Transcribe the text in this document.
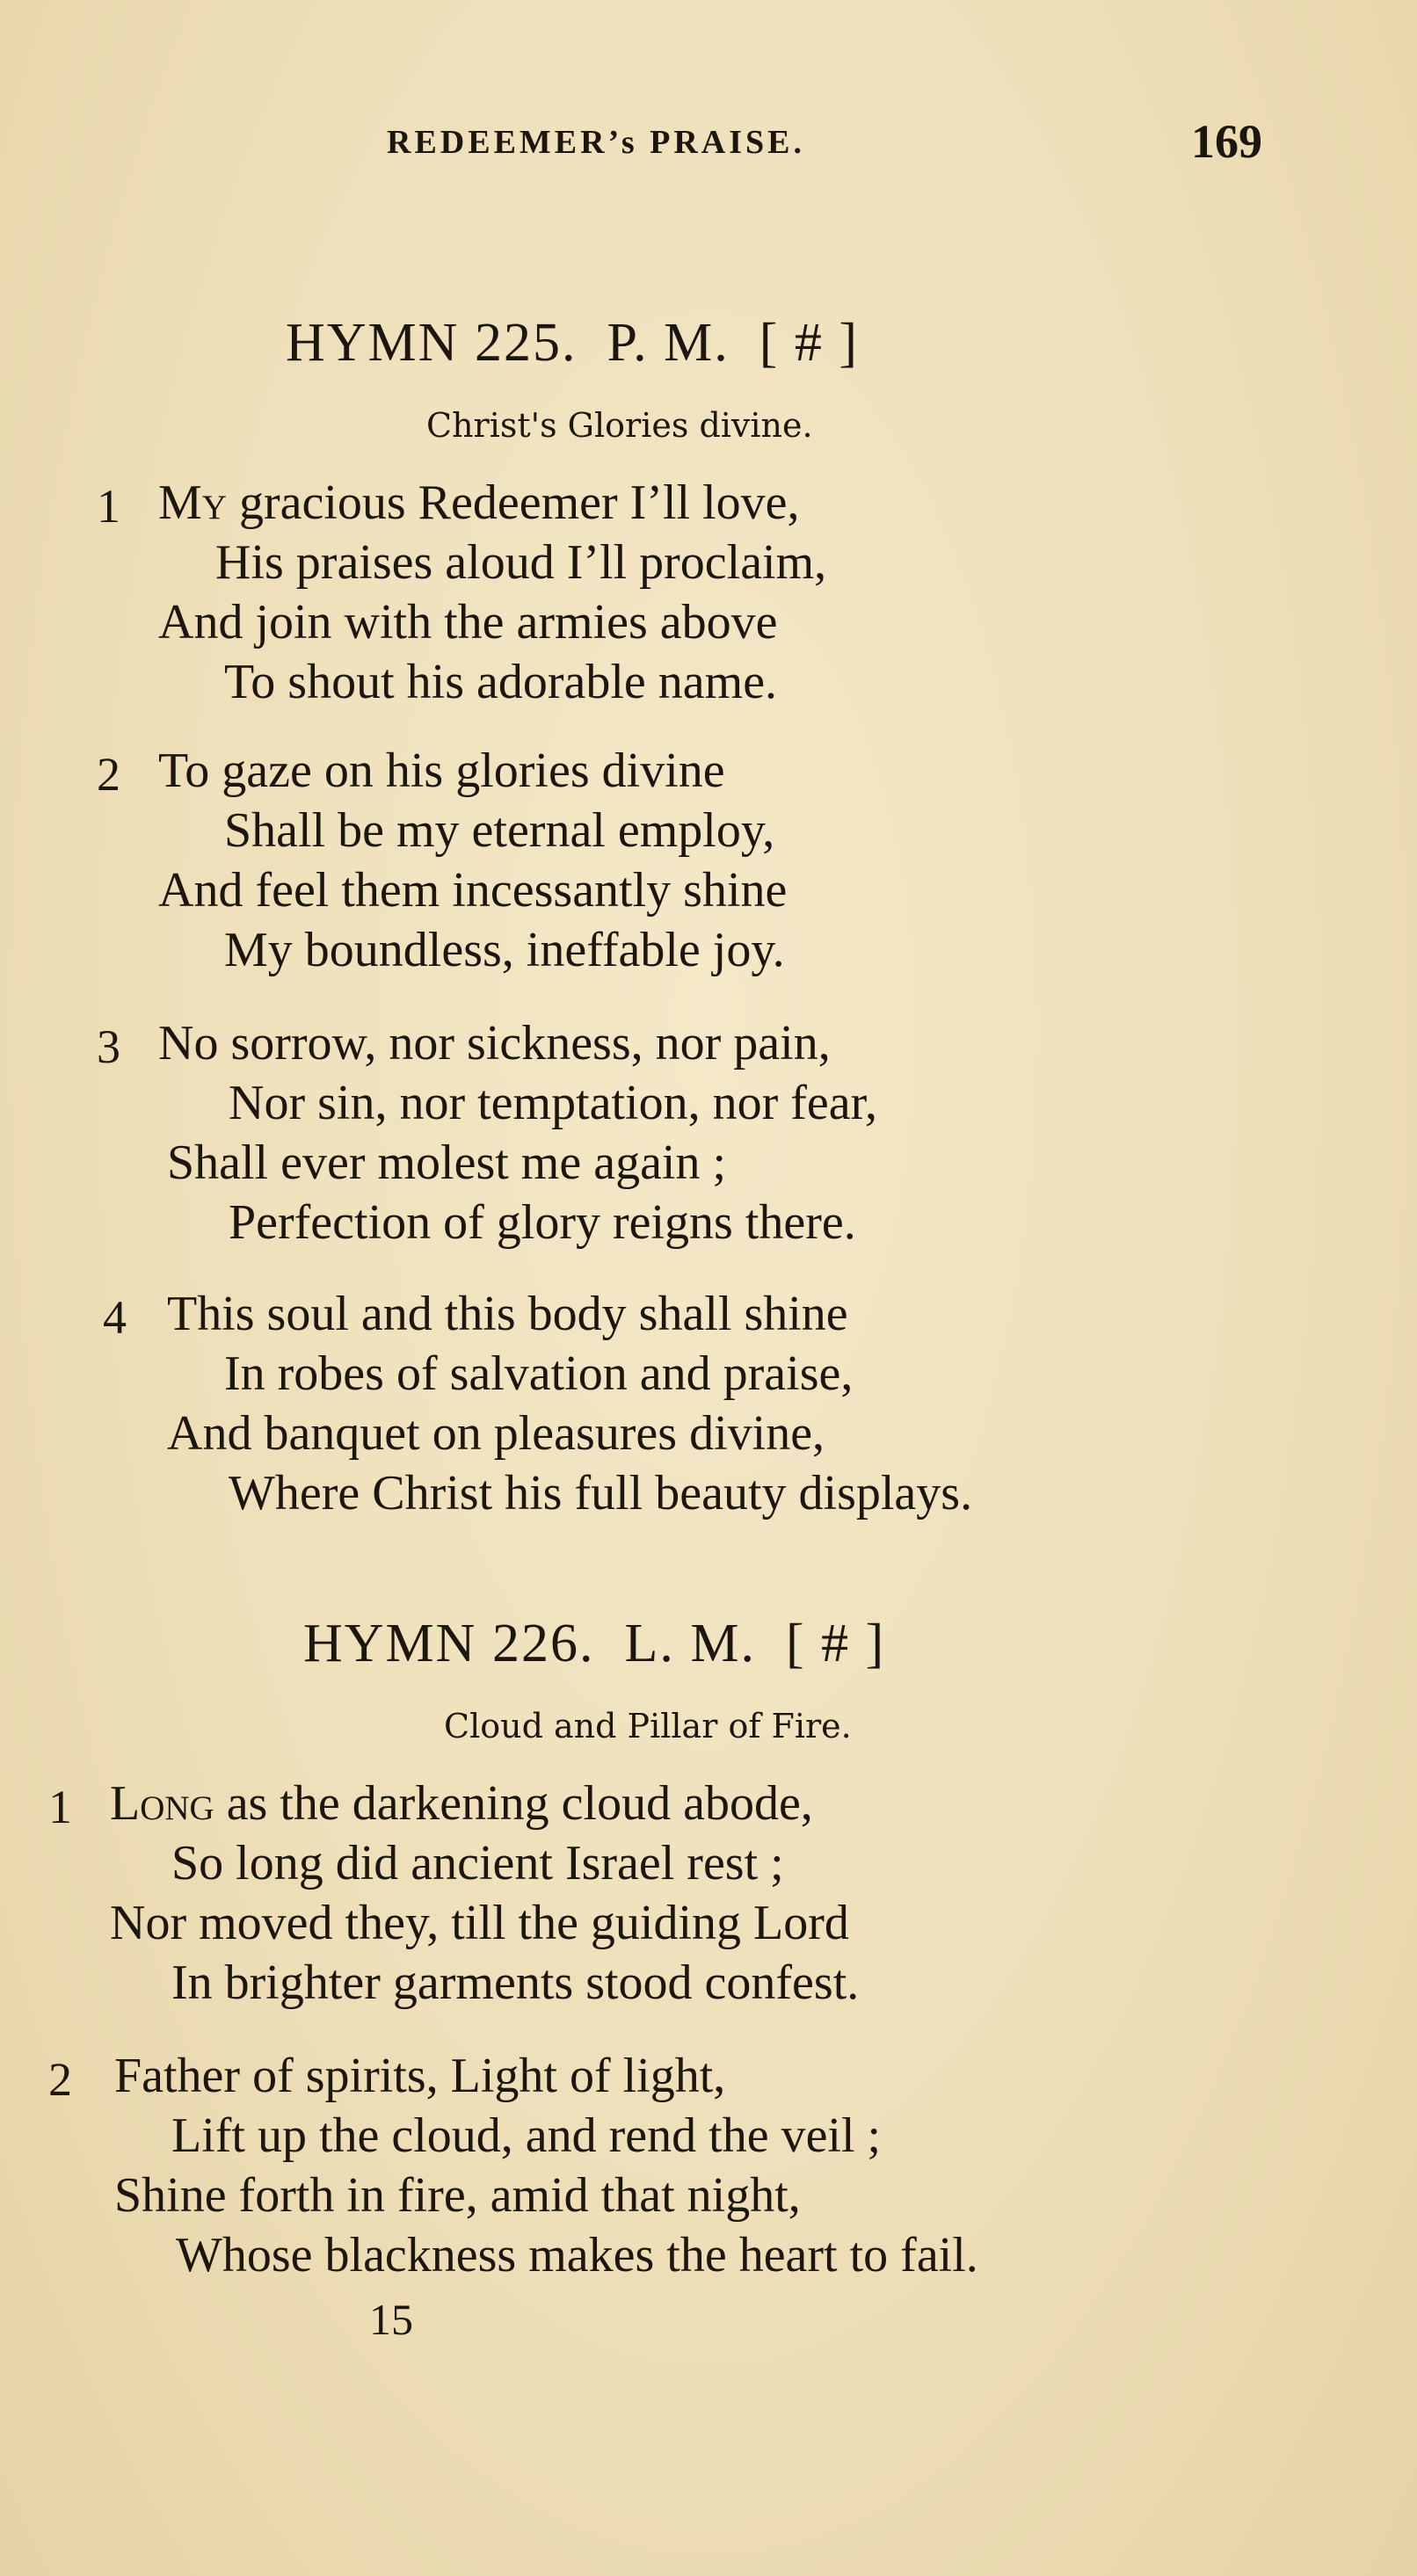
REDEEMER’s PRAISE.	169
HYMN 225. P. M. [ # ]
Christ's Glories divine.
1 My gracious Redeemer I’ll love,
His praises aloud I’ll proclaim,
And join with the armies above
To shout his adorable name.
2 To gaze on his glories divine
Shall be my eternal employ,
And feel them incessantly shine
My boundless, ineffable joy.
3 No sorrow, nor sickness, nor pain,
Nor sin, nor temptation, nor fear,
Shall ever molest me again ;
Perfection of glory reigns there.
4 This soul and this body shall shine
In robes of salvation and praise,
And banquet on pleasures divine,
Where Christ his full beauty displays.
HYMN 226. L. M. [ # ]
Cloud and Pillar of Fire.
1 Long as the darkening cloud abode,
So long did ancient Israel rest ;
Nor moved they, till the guiding Lord
In brighter garments stood confest.
2 Father of spirits, Light of light,
Lift up the cloud, and rend the veil ;
Shine forth in fire, amid that night,
Whose blackness makes the heart to fail.
15
